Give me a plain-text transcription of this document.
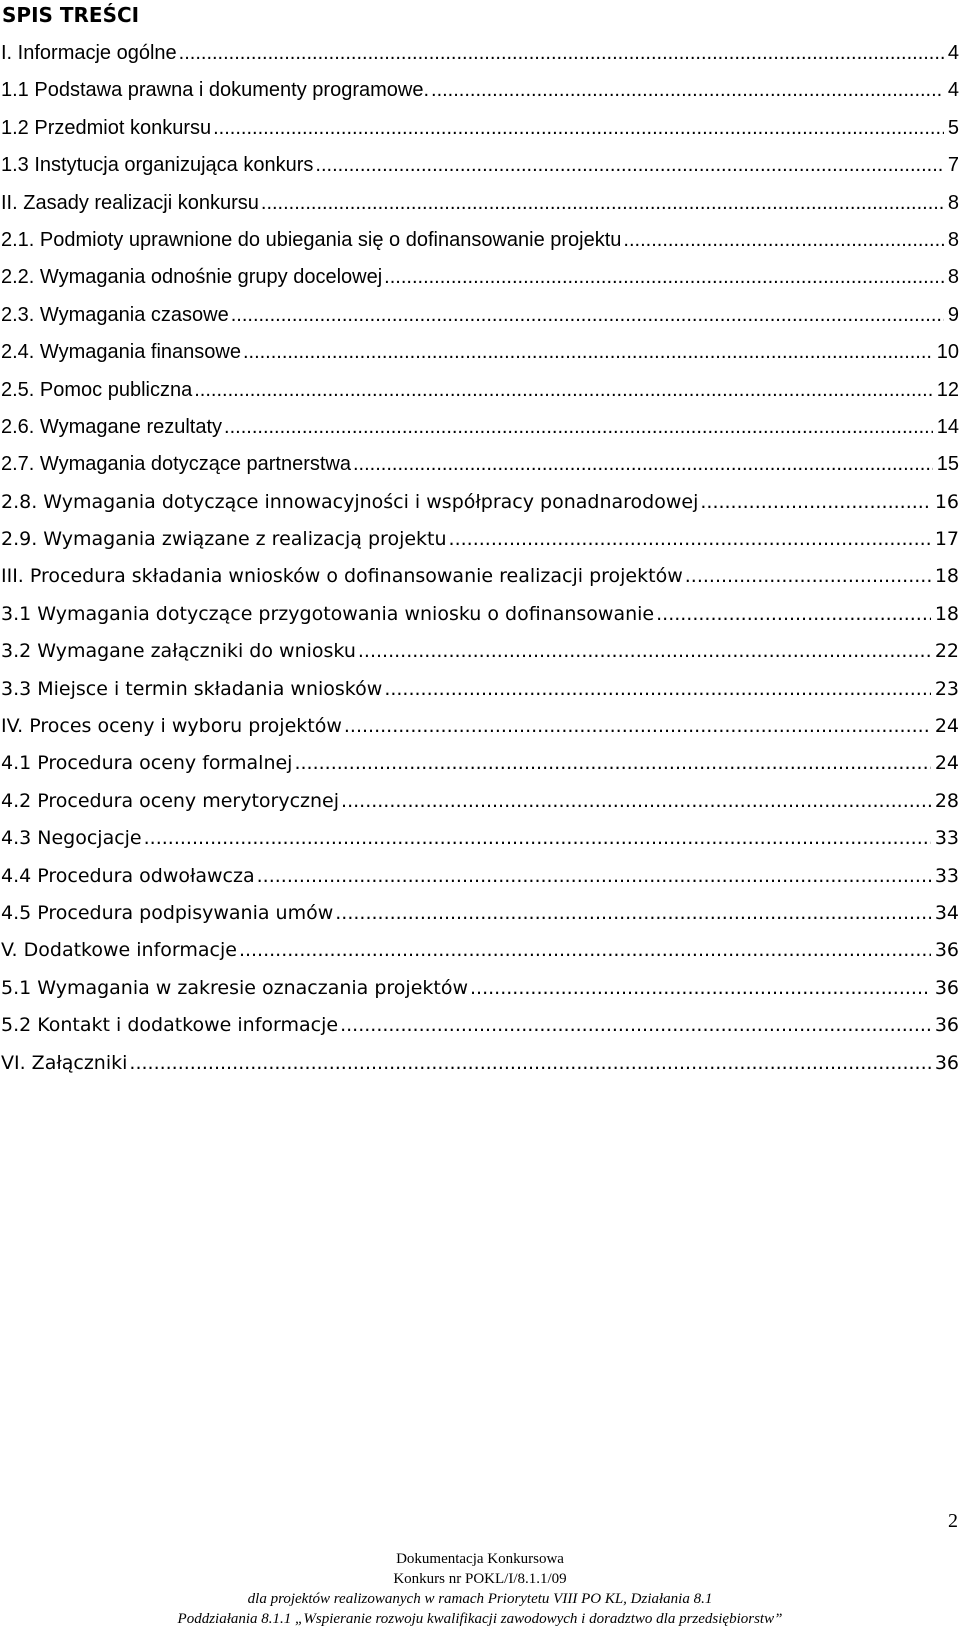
SPIS TREŚCI
I. Informacje ogólne .....	4
1.1 Podstawa prawna i dokumenty programowe. .....	4
1.2 Przedmiot konkursu .....	5
1.3 Instytucja organizująca konkurs .....	7
II. Zasady realizacji konkursu .....	8
2.1. Podmioty uprawnione do ubiegania się o dofinansowanie projektu .....	8
2.2. Wymagania odnośnie grupy docelowej .....	8
2.3. Wymagania czasowe .....	9
2.4. Wymagania finansowe .....	10
2.5. Pomoc publiczna .....	12
2.6. Wymagane rezultaty .....	14
2.7. Wymagania dotyczące partnerstwa .....	15
2.8. Wymagania dotyczące innowacyjności i współpracy ponadnarodowej .....	16
2.9. Wymagania związane z realizacją projektu .....	17
III. Procedura składania wniosków o dofinansowanie realizacji projektów .....	18
3.1 Wymagania dotyczące przygotowania wniosku o dofinansowanie .....	18
3.2 Wymagane załączniki do wniosku .....	22
3.3 Miejsce i termin składania wniosków .....	23
IV. Proces oceny i wyboru projektów .....	24
4.1 Procedura oceny formalnej .....	24
4.2 Procedura oceny merytorycznej .....	28
4.3 Negocjacje .....	33
4.4 Procedura odwoławcza .....	33
4.5 Procedura podpisywania umów .....	34
V. Dodatkowe informacje .....	36
5.1 Wymagania w zakresie oznaczania projektów .....	36
5.2 Kontakt i dodatkowe informacje .....	36
VI. Załączniki .....	36
2
Dokumentacja Konkursowa
Konkurs nr POKL/I/8.1.1/09
dla projektów realizowanych w ramach Priorytetu VIII PO KL, Działania 8.1
Poddziałania 8.1.1 „Wspieranie rozwoju kwalifikacji zawodowych i doradztwo dla przedsiębiorstw”
